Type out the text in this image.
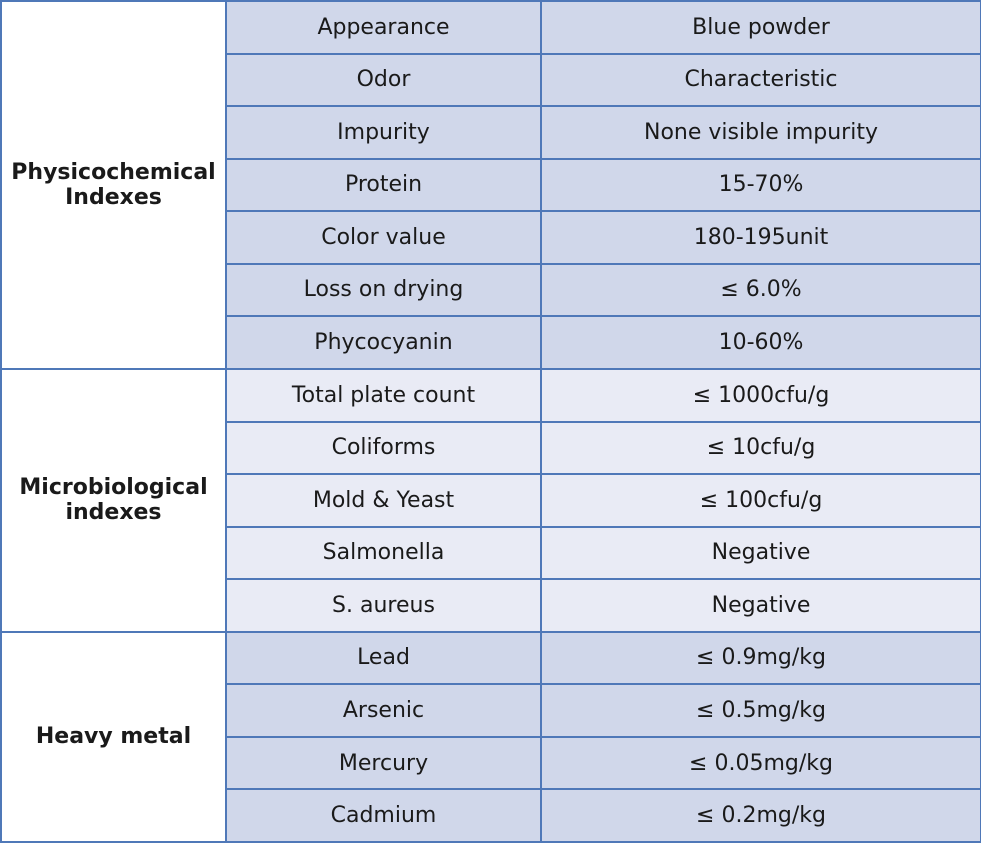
Physicochemical Indexes	Appearance	Blue powder
	Odor	Characteristic
	Impurity	None visible impurity
	Protein	15-70%
	Color value	180-195unit
	Loss on drying	≤ 6.0%
	Phycocyanin	10-60%
Microbiological indexes	Total plate count	≤ 1000cfu/g
	Coliforms	≤ 10cfu/g
	Mold & Yeast	≤ 100cfu/g
	Salmonella	Negative
	S. aureus	Negative
Heavy metal	Lead	≤ 0.9mg/kg
	Arsenic	≤ 0.5mg/kg
	Mercury	≤ 0.05mg/kg
	Cadmium	≤ 0.2mg/kg
